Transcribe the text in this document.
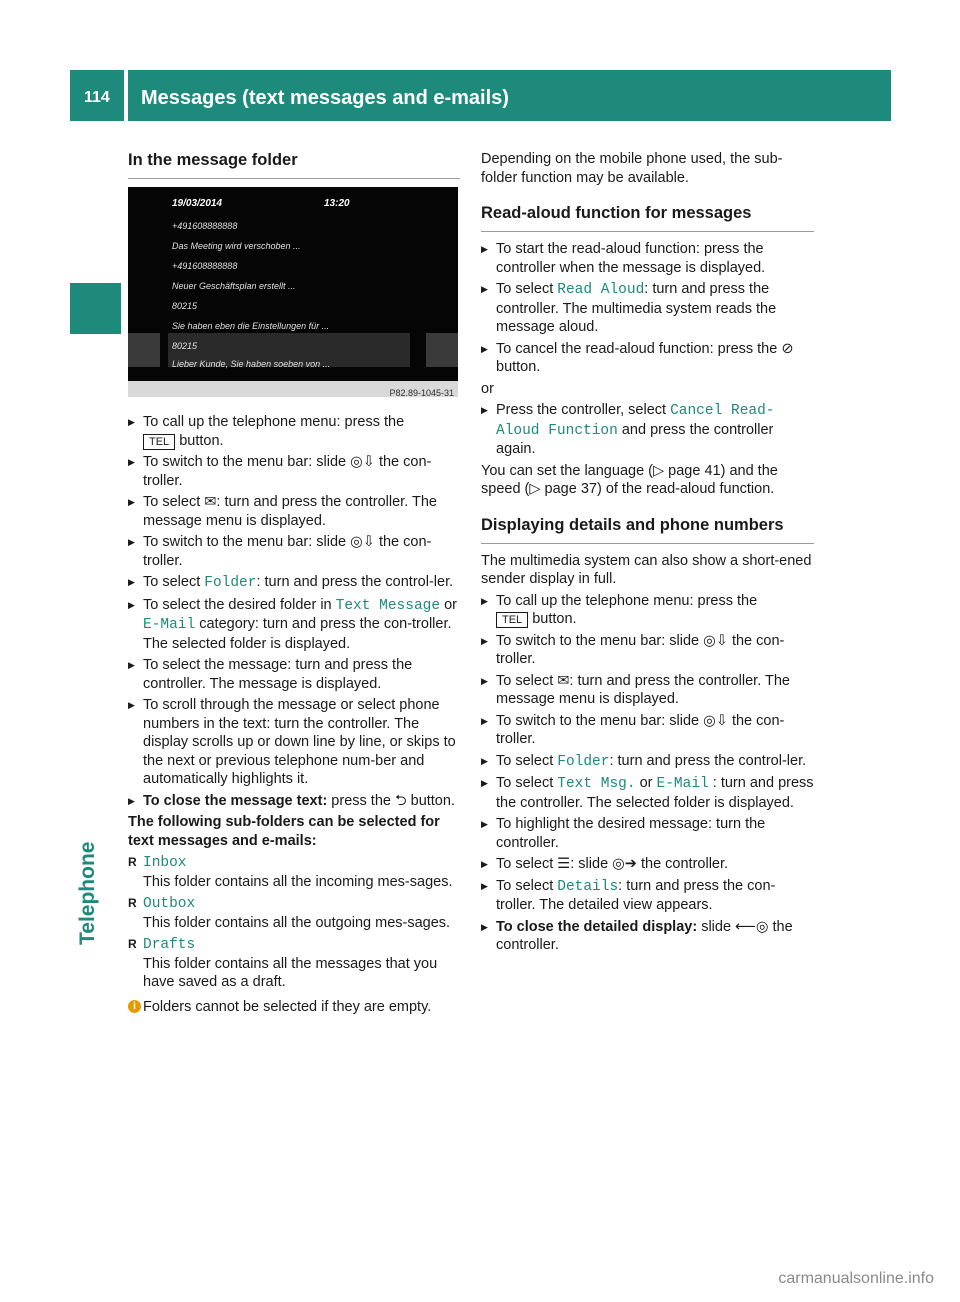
114 Messages (text messages and e-mails)
Telephone
In the message folder
19/03/2014	13:20
+491608888888
Das Meeting wird verschoben ...
+491608888888
Neuer Geschäftsplan erstellt ...
80215
Sie haben eben die Einstellungen für ...
80215
Lieber Kunde, Sie haben soeben von ...
P82.89-1045-31
▶ To call up the telephone menu: press the
TEL button.
▶ To switch to the menu bar: slide ◎⇩ the con-troller.
▶ To select ✉: turn and press the controller. The message menu is displayed.
▶ To switch to the menu bar: slide ◎⇩ the con-troller.
▶ To select Folder: turn and press the control-ler.
▶ To select the desired folder in Text Message or E-Mail category: turn and press the con-troller. The selected folder is displayed.
▶ To select the message: turn and press the controller. The message is displayed.
▶ To scroll through the message or select phone numbers in the text: turn the controller. The display scrolls up or down line by line, or skips to the next or previous telephone num-ber and automatically highlights it.
▶ To close the message text: press the ⮌ button.

The following sub-folders can be selected for text messages and e-mails:

R Inbox
This folder contains all the incoming mes-sages.
R Outbox
This folder contains all the outgoing mes-sages.
R Drafts
This folder contains all the messages that you have saved as a draft.
i Folders cannot be selected if they are empty.

Depending on the mobile phone used, the sub-folder function may be available.

Read-aloud function for messages
▶ To start the read-aloud function: press the controller when the message is displayed.
▶ To select Read Aloud: turn and press the controller. The multimedia system reads the message aloud.
▶ To cancel the read-aloud function: press the ⊘ button.

or

▶ Press the controller, select Cancel Read-Aloud Function and press the controller again.

You can set the language (▷ page 41) and the speed (▷ page 37) of the read-aloud function.

Displaying details and phone numbers

The multimedia system can also show a short-ened sender display in full.

▶ To call up the telephone menu: press the
TEL button.
▶ To switch to the menu bar: slide ◎⇩ the con-troller.
▶ To select ✉: turn and press the controller. The message menu is displayed.
▶ To switch to the menu bar: slide ◎⇩ the con-troller.
▶ To select Folder: turn and press the control-ler.
▶ To select Text Msg. or E-Mail : turn and press the controller. The selected folder is displayed.
▶ To highlight the desired message: turn the controller.
▶ To select ☰: slide ◎➔ the controller.
▶ To select Details: turn and press the con-troller. The detailed view appears.
▶ To close the detailed display: slide ⟵◎ the controller.
carmanualsonline.info
